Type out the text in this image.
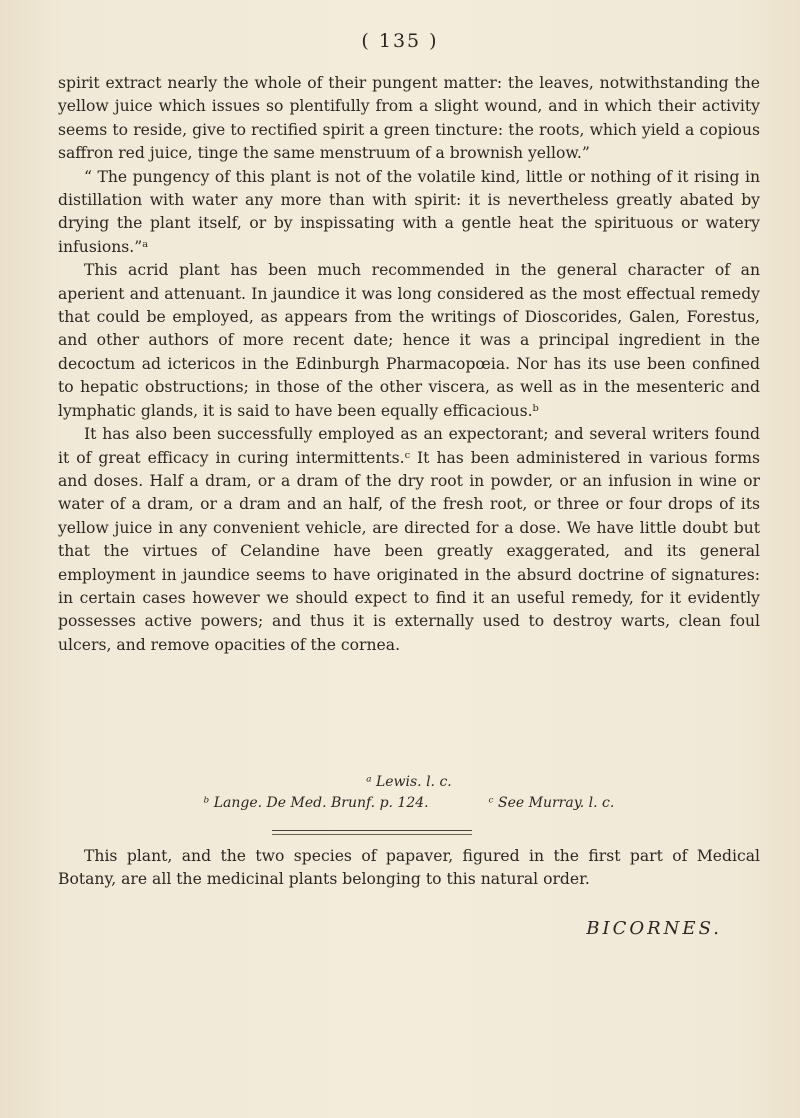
( 135 )

spirit extract nearly the whole of their pungent matter: the leaves, notwithstanding the yellow juice which issues so plentifully from a slight wound, and in which their activity seems to reside, give to rectified spirit a green tincture: the roots, which yield a copious saffron red juice, tinge the same menstruum of a brownish yellow.”

“ The pungency of this plant is not of the volatile kind, little or nothing of it rising in distillation with water any more than with spirit: it is nevertheless greatly abated by drying the plant itself, or by inspissating with a gentle heat the spirituous or watery infusions.”ᵃ

This acrid plant has been much recommended in the general character of an aperient and attenuant. In jaundice it was long considered as the most effectual remedy that could be employed, as appears from the writings of Dioscorides, Galen, Forestus, and other authors of more recent date; hence it was a principal ingredient in the decoctum ad ictericos in the Edinburgh Pharmacopœia. Nor has its use been confined to hepatic obstructions; in those of the other viscera, as well as in the mesenteric and lymphatic glands, it is said to have been equally efficacious.ᵇ

It has also been successfully employed as an expectorant; and several writers found it of great efficacy in curing intermittents.ᶜ It has been administered in various forms and doses. Half a dram, or a dram of the dry root in powder, or an infusion in wine or water of a dram, or a dram and an half, of the fresh root, or three or four drops of its yellow juice in any convenient vehicle, are directed for a dose. We have little doubt but that the virtues of Celandine have been greatly exaggerated, and its general employment in jaundice seems to have originated in the absurd doctrine of signatures: in certain cases however we should expect to find it an useful remedy, for it evidently possesses active powers; and thus it is externally used to destroy warts, clean foul ulcers, and remove opacities of the cornea.

ᵃ Lewis. l. c.
ᵇ Lange. De Med. Brunf. p. 124.	ᶜ See Murray. l. c.

This plant, and the two species of papaver, figured in the first part of Medical Botany, are all the medicinal plants belonging to this natural order.

BICORNES.
